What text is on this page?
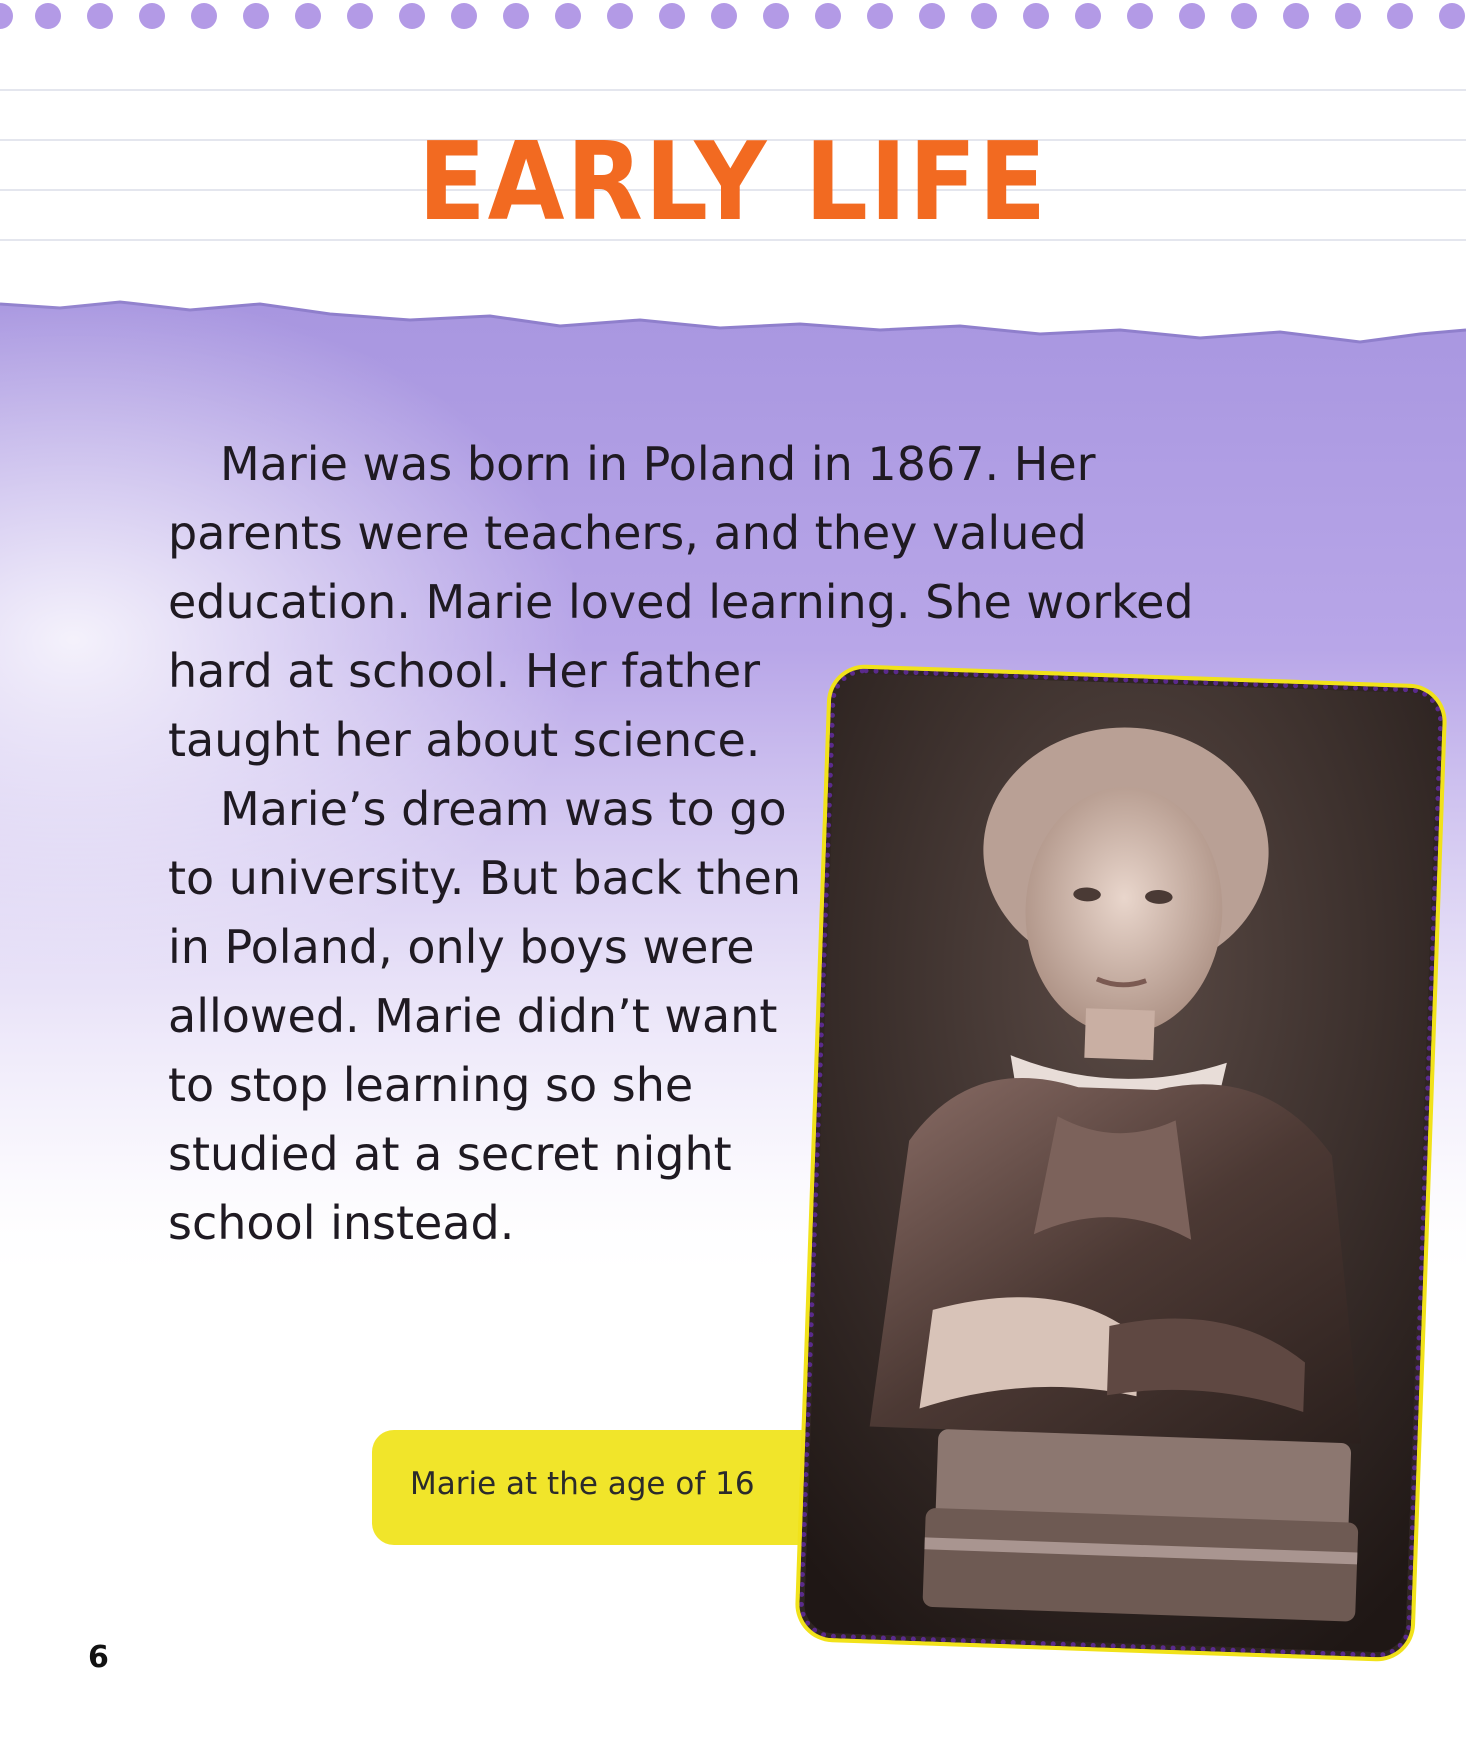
EARLY LIFE

Marie was born in Poland in 1867. Her
parents were teachers, and they valued
education. Marie loved learning. She worked
hard at school. Her father
taught her about science.

Marie’s dream was to go
to university. But back then
in Poland, only boys were
allowed. Marie didn’t want
to stop learning so she
studied at a secret night
school instead.

Marie at the age of 16
6
